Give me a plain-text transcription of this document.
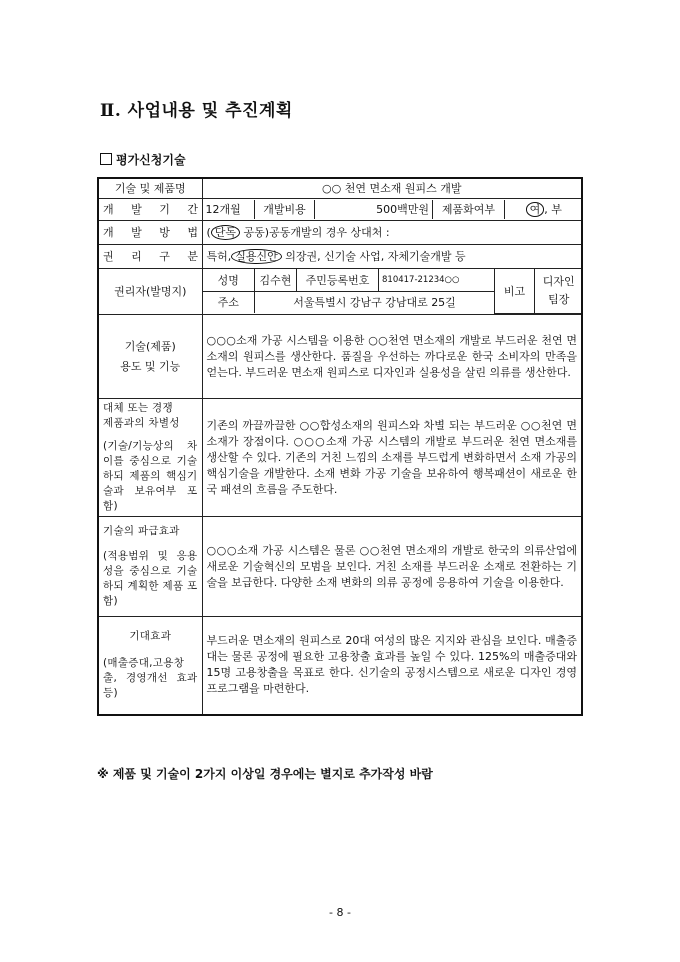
Ⅱ. 사업내용 및 추진계획
평가신청기술
기술 및 제품명	○○ 천연 면소재 원피스 개발
개 발 기 간	12개월	개발비용	500백만원	제품화여부	여 , 부

개 발 방 법	( 단독 공동)공동개발의 경우 상대처 :
권 리 구 분	특허, 실용신안 의장권, 신기술 사업, 자체기술개발 등
권리자(발명지)	
성명	김수현	주민등록번호	810417-21234○○	비고	디자인팀장
주소	서울특별시 강남구 강남대로 25길

기술(제품)
용도 및 기능
	○○○소재 가공 시스템을 이용한 ○○천연 면소재의 개발로 부드러운 천연 면소재의 원피스를 생산한다. 품질을 우선하는 까다로운 한국 소비자의 만족을 얻는다. 부드러운 면소재 원피스로 디자인과 실용성을 살린 의류를 생산한다.

대체 또는 경쟁
제품과의 차별성
(기술/기능상의 차이를 중심으로 기술하되 제품의 핵심기술과 보유여부 포함)
	기존의 까끌까끌한 ○○합성소재의 원피스와 차별 되는 부드러운 ○○천연 면소재가 장점이다. ○○○소재 가공 시스템의 개발로 부드러운 천연 면소재를 생산할 수 있다. 기존의 거친 느낌의 소재를 부드럽게 변화하면서 소재 가공의 핵심기술을 개발한다. 소재 변화 가공 기술을 보유하여 행복패션이 새로운 한국 패션의 흐름을 주도한다.

기술의 파급효과
(적용범위 및 응용성을 중심으로 기술하되 계획한 제품 포함)
	○○○소재 가공 시스템은 물론 ○○천연 면소재의 개발로 한국의 의류산업에 새로운 기술혁신의 모범을 보인다. 거친 소재를 부드러운 소재로 전환하는 기술을 보급한다. 다양한 소재 변화의 의류 공정에 응용하여 기술을 이용한다.

기대효과
(매출증대,고용창출, 경영개선 효과 등)
	부드러운 면소재의 원피스로 20대 여성의 많은 지지와 관심을 보인다. 매출증대는 물론 공정에 필요한 고용창출 효과를 높일 수 있다. 125%의 매출증대와 15명 고용창출을 목표로 한다. 신기술의 공정시스템으로 새로운 디자인 경영 프로그램을 마련한다.
※ 제품 및 기술이 2가지 이상일 경우에는 별지로 추가작성 바람
- 8 -
